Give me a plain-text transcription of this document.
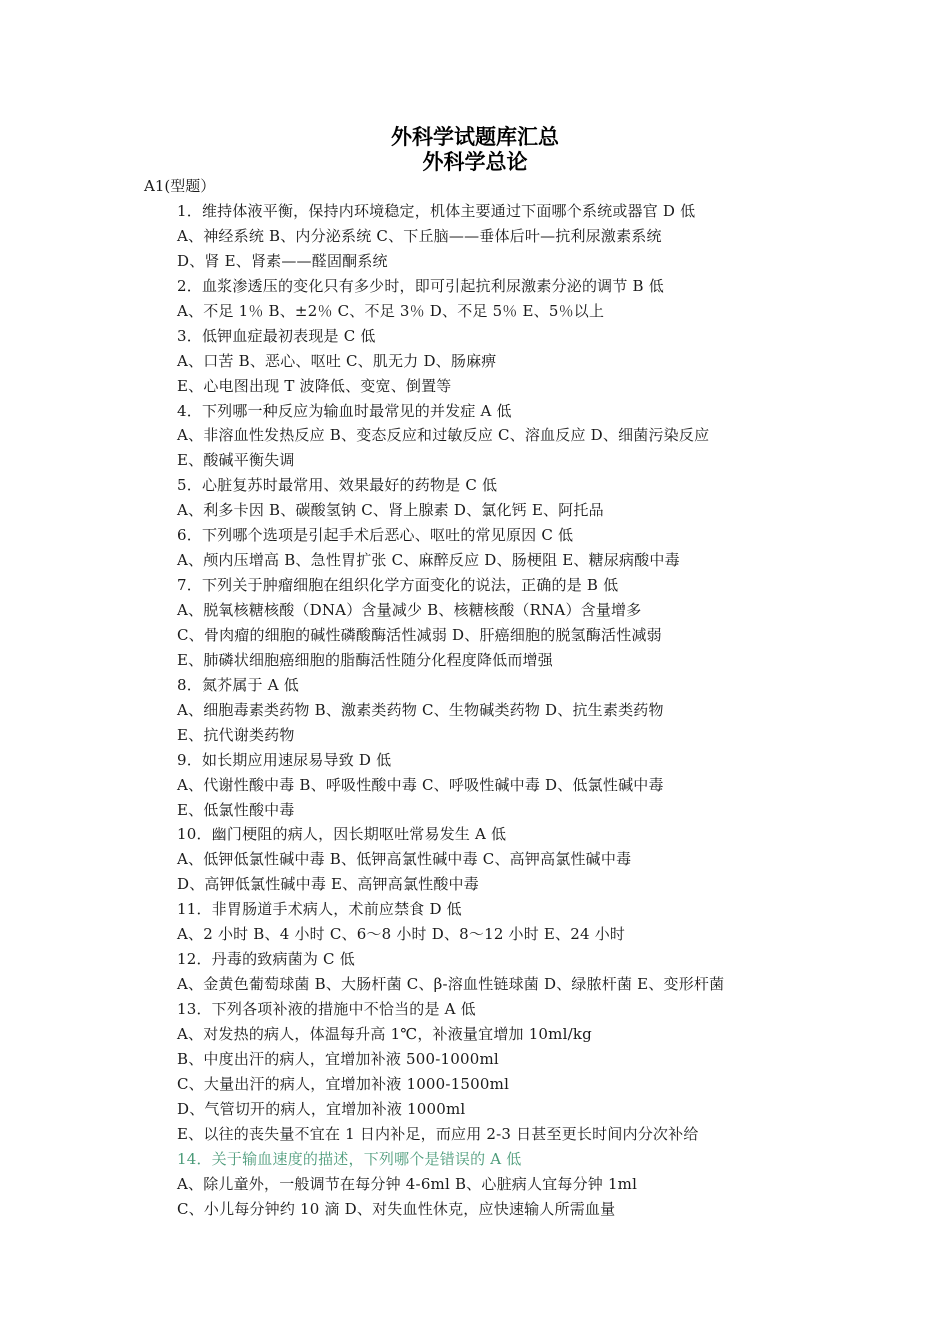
外科学试题库汇总
外科学总论
A1(型题）
1．维持体液平衡，保持内环境稳定，机体主要通过下面哪个系统或器官 D 低
A、神经系统 B、内分泌系统 C、下丘脑——垂体后叶—抗利尿激素系统
D、肾 E、肾素——醛固酮系统
2．血浆渗透压的变化只有多少时，即可引起抗利尿激素分泌的调节 B 低
A、不足 1％ B、±2％ C、不足 3％ D、不足 5％ E、5％以上
3．低钾血症最初表现是 C 低
A、口苦 B、恶心、呕吐 C、肌无力 D、肠麻痹
E、心电图出现 T 波降低、变宽、倒置等
4．下列哪一种反应为输血时最常见的并发症 A 低
A、非溶血性发热反应 B、变态反应和过敏反应 C、溶血反应 D、细菌污染反应
E、酸碱平衡失调
5．心脏复苏时最常用、效果最好的药物是 C 低
A、利多卡因 B、碳酸氢钠 C、肾上腺素 D、氯化钙 E、阿托品
6．下列哪个选项是引起手术后恶心、呕吐的常见原因 C 低
A、颅内压增高 B、急性胃扩张 C、麻醉反应 D、肠梗阻 E、糖尿病酸中毒
7．下列关于肿瘤细胞在组织化学方面变化的说法，正确的是 B 低
A、脱氧核糖核酸（DNA）含量减少 B、核糖核酸（RNA）含量增多
C、骨肉瘤的细胞的碱性磷酸酶活性减弱 D、肝癌细胞的脱氢酶活性减弱
E、肺磷状细胞癌细胞的脂酶活性随分化程度降低而增强
8．氮芥属于 A 低
A、细胞毒素类药物 B、激素类药物 C、生物碱类药物 D、抗生素类药物
E、抗代谢类药物
9．如长期应用速尿易导致 D 低
A、代谢性酸中毒 B、呼吸性酸中毒 C、呼吸性碱中毒 D、低氯性碱中毒
E、低氯性酸中毒
10．幽门梗阻的病人，因长期呕吐常易发生 A 低
A、低钾低氯性碱中毒 B、低钾高氯性碱中毒 C、高钾高氯性碱中毒
D、高钾低氯性碱中毒 E、高钾高氯性酸中毒
11．非胃肠道手术病人，术前应禁食 D 低
A、2 小时 B、4 小时 C、6～8 小时 D、8～12 小时 E、24 小时
12．丹毒的致病菌为 C 低
A、金黄色葡萄球菌 B、大肠杆菌 C、β-溶血性链球菌 D、绿脓杆菌 E、变形杆菌
13．下列各项补液的措施中不恰当的是 A 低
A、对发热的病人，体温每升高 1℃，补液量宜增加 10ml/kg
B、中度出汗的病人，宜增加补液 500-1000ml
C、大量出汗的病人，宜增加补液 1000-1500ml
D、气管切开的病人，宜增加补液 1000ml
E、以往的丧失量不宜在 1 日内补足，而应用 2-3 日甚至更长时间内分次补给
14．关于输血速度的描述，下列哪个是错误的 A 低
A、除儿童外，一般调节在每分钟 4-6ml B、心脏病人宜每分钟 1ml
C、小儿每分钟约 10 滴 D、对失血性休克，应快速输人所需血量
